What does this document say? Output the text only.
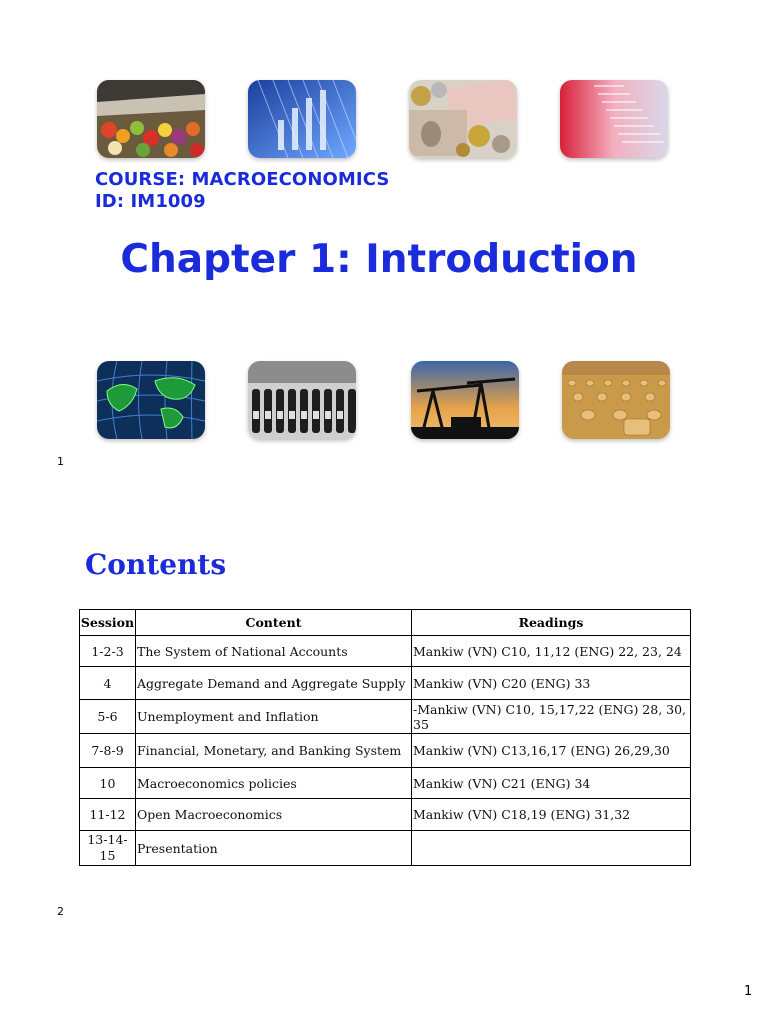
COURSE: MACROECONOMICS
ID: IM1009
Chapter 1: Introduction
1
Contents
Session	Content	Readings
1-2-3	The System of National Accounts	Mankiw (VN) C10, 11,12 (ENG) 22, 23, 24
4	Aggregate Demand and Aggregate Supply	Mankiw (VN) C20 (ENG) 33
5-6	Unemployment and Inflation	-Mankiw (VN) C10, 15,17,22 (ENG) 28, 30, 35
7-8-9	Financial, Monetary, and Banking System	Mankiw (VN) C13,16,17 (ENG) 26,29,30
10	Macroeconomics policies	Mankiw (VN) C21 (ENG) 34
11-12	Open Macroeconomics	Mankiw (VN) C18,19 (ENG) 31,32
13-14-15	Presentation	
2
1
